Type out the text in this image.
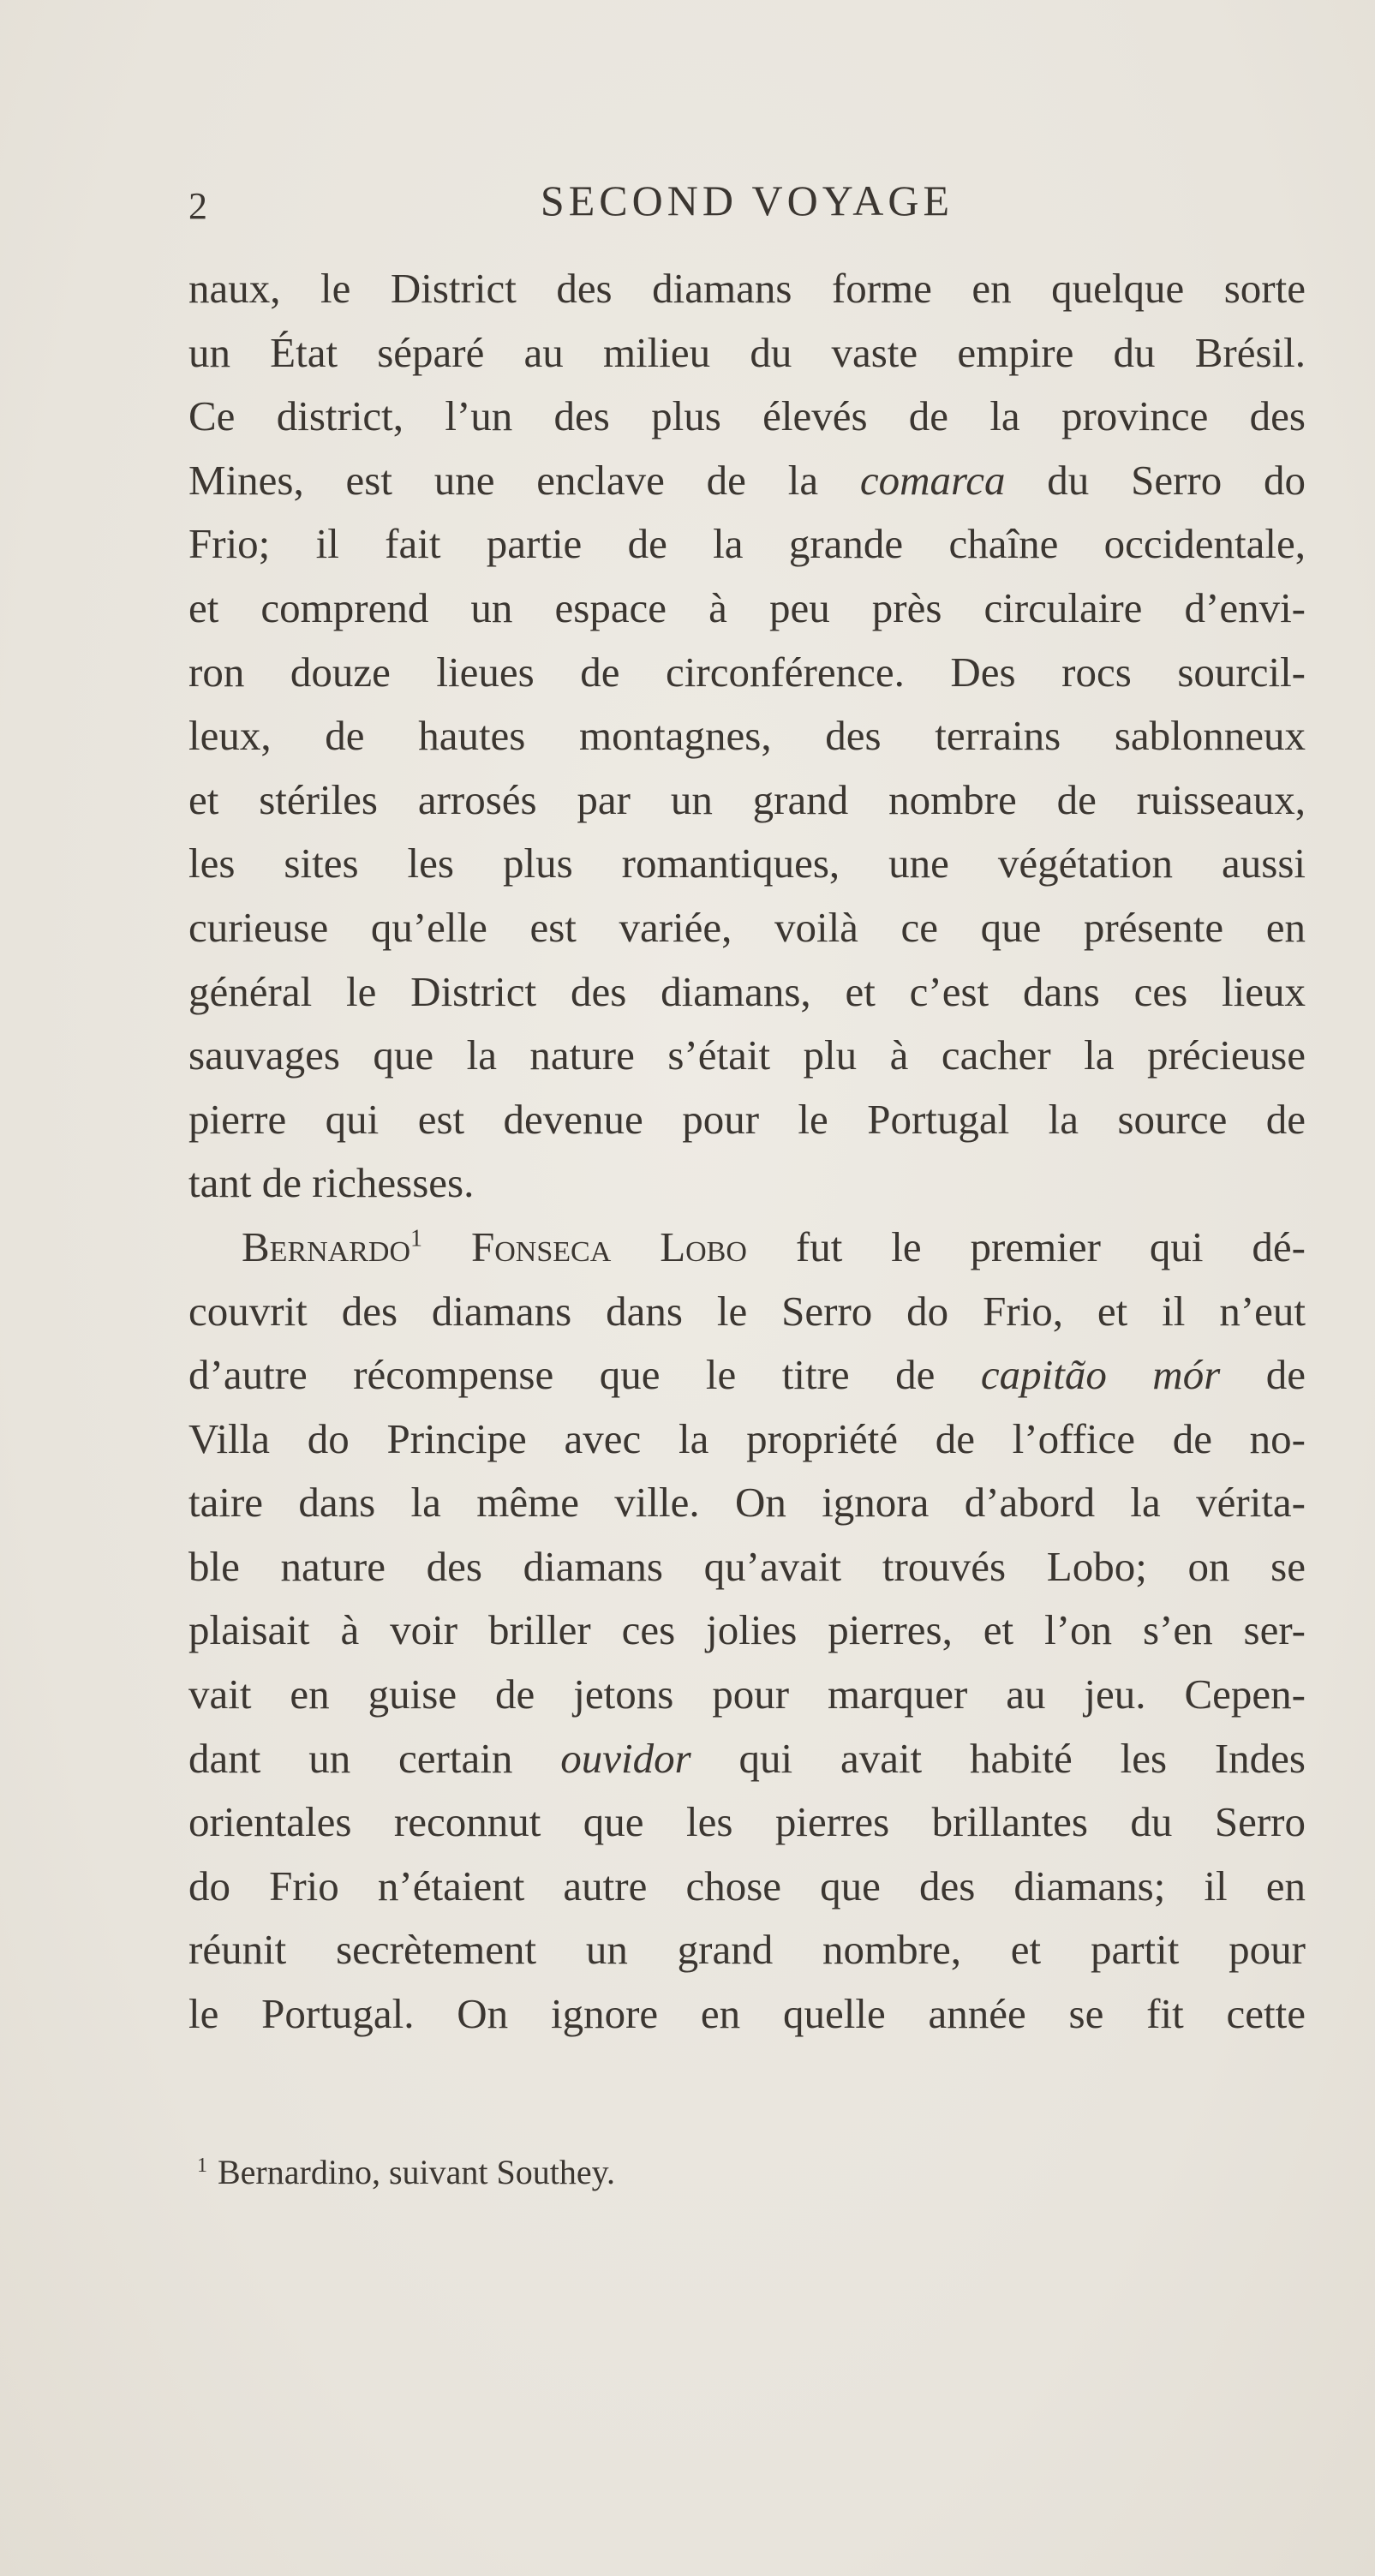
2	SECOND VOYAGE
naux, le District des diamans forme en quelque sorte
un État séparé au milieu du vaste empire du Brésil.
Ce district, l’un des plus élevés de la province des
Mines, est une enclave de la comarca du Serro do
Frio; il fait partie de la grande chaîne occidentale,
et comprend un espace à peu près circulaire d’envi-
ron douze lieues de circonférence. Des rocs sourcil-
leux, de hautes montagnes, des terrains sablonneux
et stériles arrosés par un grand nombre de ruisseaux,
les sites les plus romantiques, une végétation aussi
curieuse qu’elle est variée, voilà ce que présente en
général le District des diamans, et c’est dans ces lieux
sauvages que la nature s’était plu à cacher la précieuse
pierre qui est devenue pour le Portugal la source de
tant de richesses.
Bernardo$^1$ Fonseca Lobo fut le premier qui dé-
couvrit des diamans dans le Serro do Frio, et il n’eut
d’autre récompense que le titre de capitão mór de
Villa do Principe avec la propriété de l’office de no-
taire dans la même ville. On ignora d’abord la vérita-
ble nature des diamans qu’avait trouvés Lobo; on se
plaisait à voir briller ces jolies pierres, et l’on s’en ser-
vait en guise de jetons pour marquer au jeu. Cepen-
dant un certain ouvidor qui avait habité les Indes
orientales reconnut que les pierres brillantes du Serro
do Frio n’étaient autre chose que des diamans; il en
réunit secrètement un grand nombre, et partit pour
le Portugal. On ignore en quelle année se fit cette
$^1$ Bernardino, suivant Southey.
